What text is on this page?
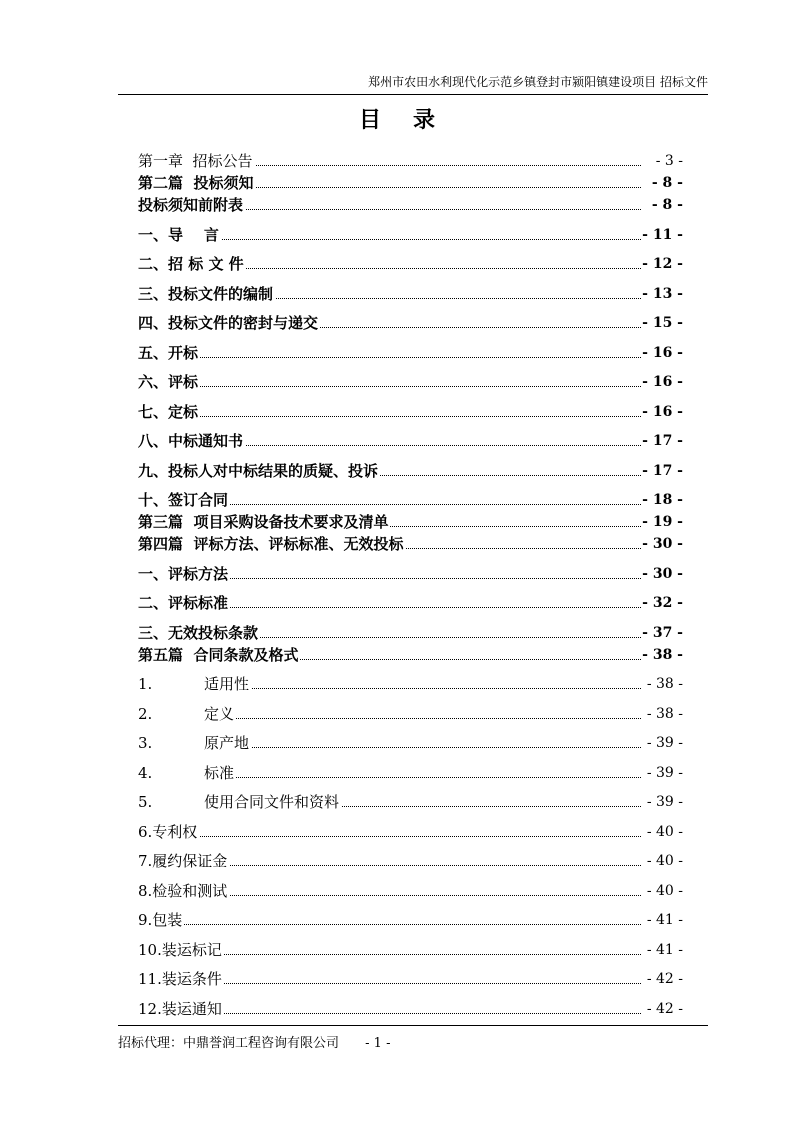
郑州市农田水利现代化示范乡镇登封市颍阳镇建设项目 招标文件
目录
第一章  招标公告	- 3 -
第二篇  投标须知	- 8 -
投标须知前附表	- 8 -
一、导    言	- 11 -
二、招 标 文 件	- 12 -
三、投标文件的编制	- 13 -
四、投标文件的密封与递交	- 15 -
五、开标	- 16 -
六、评标	- 16 -
七、定标	- 16 -
八、中标通知书	- 17 -
九、投标人对中标结果的质疑、投诉	- 17 -
十、签订合同	- 18 -
第三篇  项目采购设备技术要求及清单	- 19 -
第四篇  评标方法、评标标准、无效投标	- 30 -
一、评标方法	- 30 -
二、评标标准	- 32 -
三、无效投标条款	- 37 -
第五篇  合同条款及格式	- 38 -
1.	适用性	- 38 -
2.	定义	- 38 -
3.	原产地	- 39 -
4.	标准	- 39 -
5.	使用合同文件和资料	- 39 -
6.专利权	- 40 -
7.履约保证金	- 40 -
8.检验和测试	- 40 -
9.包装	- 41 -
10.装运标记	- 41 -
11.装运条件	- 42 -
12.装运通知	- 42 -
招标代理：中鼎誉润工程咨询有限公司 - 1 -
